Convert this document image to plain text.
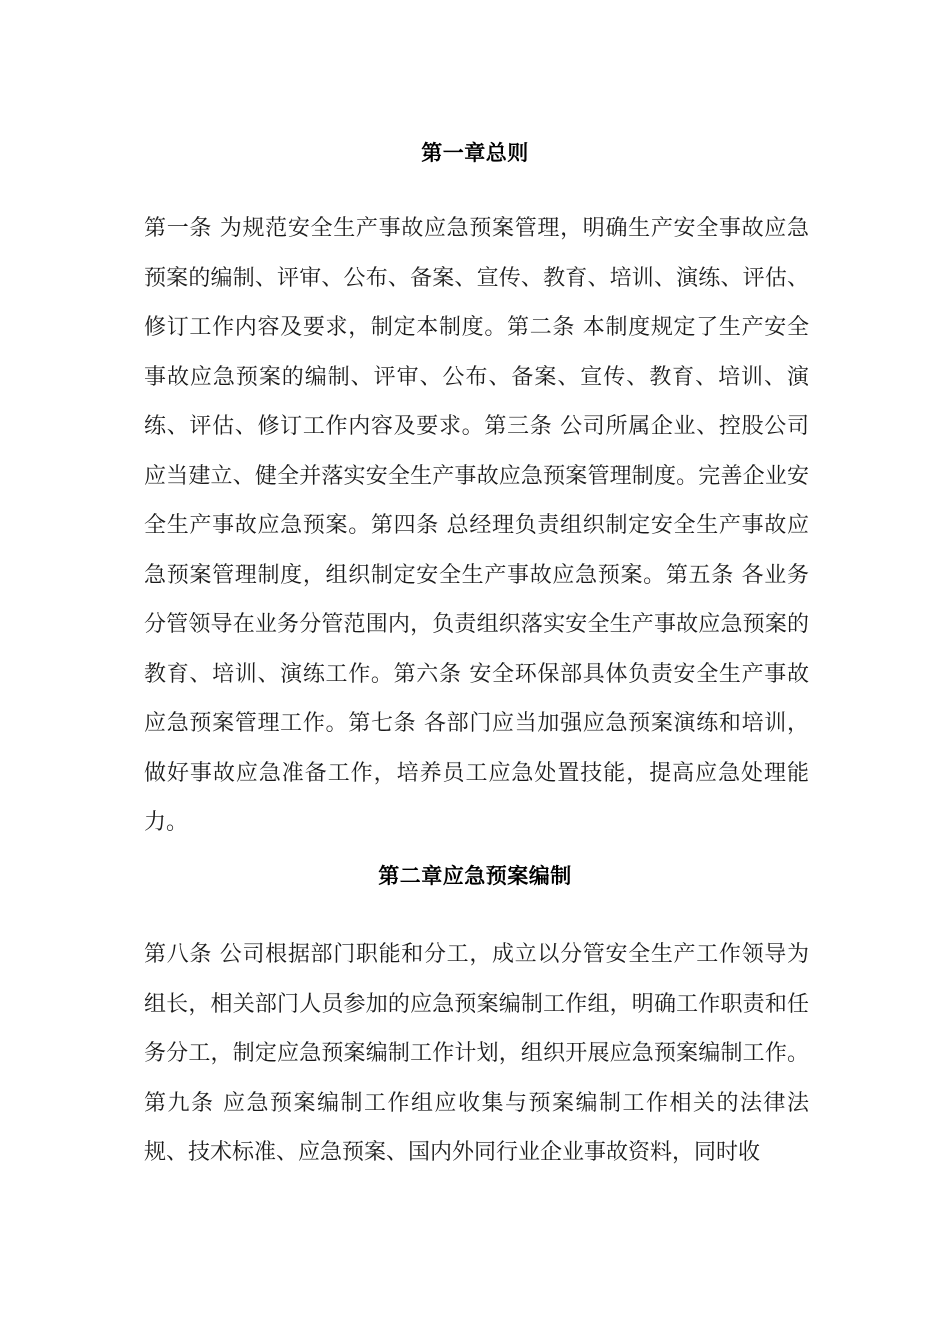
第一章总则

第一条 为规范安全生产事故应急预案管理，明确生产安全事故应急预案的编制、评审、公布、备案、宣传、教育、培训、演练、评估、修订工作内容及要求，制定本制度。第二条 本制度规定了生产安全事故应急预案的编制、评审、公布、备案、宣传、教育、培训、演练、评估、修订工作内容及要求。第三条 公司所属企业、控股公司应当建立、健全并落实安全生产事故应急预案管理制度。完善企业安全生产事故应急预案。第四条 总经理负责组织制定安全生产事故应急预案管理制度，组织制定安全生产事故应急预案。第五条 各业务分管领导在业务分管范围内，负责组织落实安全生产事故应急预案的教育、培训、演练工作。第六条 安全环保部具体负责安全生产事故应急预案管理工作。第七条 各部门应当加强应急预案演练和培训，做好事故应急准备工作，培养员工应急处置技能，提高应急处理能力。

第二章应急预案编制

第八条 公司根据部门职能和分工，成立以分管安全生产工作领导为组长，相关部门人员参加的应急预案编制工作组，明确工作职责和任务分工，制定应急预案编制工作计划，组织开展应急预案编制工作。第九条 应急预案编制工作组应收集与预案编制工作相关的法律法规、技术标准、应急预案、国内外同行业企业事故资料，同时收
